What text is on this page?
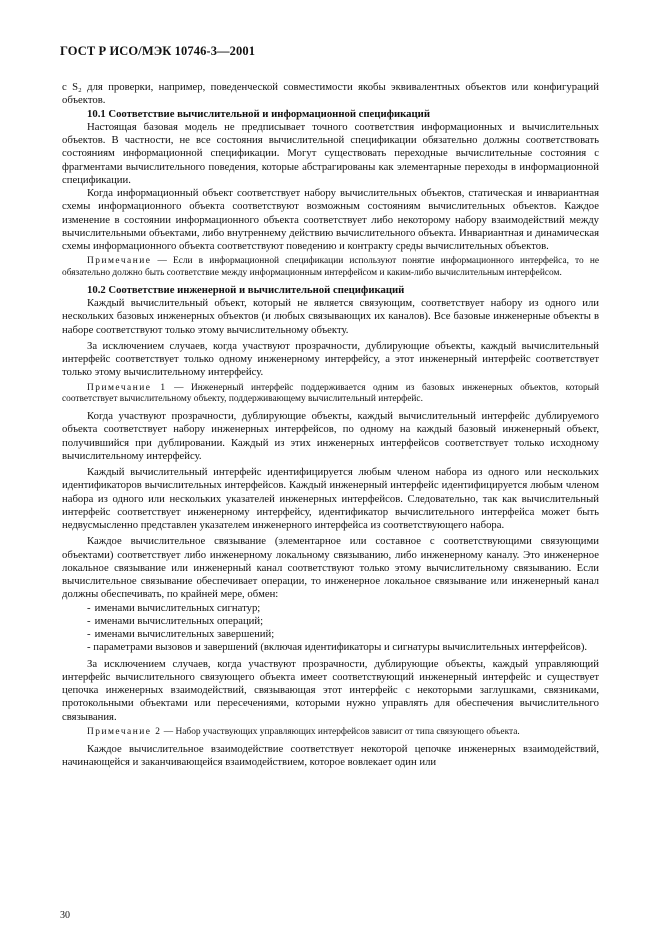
ГОСТ Р ИСО/МЭК 10746-3—2001

с S₂ для проверки, например, поведенческой совместимости якобы эквивалентных объектов или конфигураций объектов.

10.1 Соответствие вычислительной и информационной спецификаций

Настоящая базовая модель не предписывает точного соответствия информационных и вычислительных объектов. В частности, не все состояния вычислительной спецификации обязательно должны соответствовать состояниям информационной спецификации. Могут существовать переходные вычислительные состояния с фрагментами вычислительного поведения, которые абстрагированы как элементарные переходы в информационной спецификации.

Когда информационный объект соответствует набору вычислительных объектов, статическая и инвариантная схемы информационного объекта соответствуют возможным состояниям вычислительных объектов. Каждое изменение в состоянии информационного объекта соответствует либо некоторому набору взаимодействий между вычислительными объектами, либо внутреннему действию вычислительного объекта. Инвариантная и динамическая схемы информационного объекта соответствуют поведению и контракту среды вычислительных объектов.

Примечание — Если в информационной спецификации используют понятие информационного интерфейса, то не обязательно должно быть соответствие между информационным интерфейсом и каким-либо вычислительным интерфейсом.
10.2 Соответствие инженерной и вычислительной спецификаций

Каждый вычислительный объект, который не является связующим, соответствует набору из одного или нескольких базовых инженерных объектов (и любых связывающих их каналов). Все базовые инженерные объекты в наборе соответствуют только этому вычислительному объекту.

За исключением случаев, когда участвуют прозрачности, дублирующие объекты, каждый вычислительный интерфейс соответствует только одному инженерному интерфейсу, а этот инженерный интерфейс соответствует только этому вычислительному интерфейсу.

Примечание 1 — Инженерный интерфейс поддерживается одним из базовых инженерных объектов, который соответствует вычислительному объекту, поддерживающему вычислительный интерфейс.

Когда участвуют прозрачности, дублирующие объекты, каждый вычислительный интерфейс дублируемого объекта соответствует набору инженерных интерфейсов, по одному на каждый базовый инженерный объект, получившийся при дублировании. Каждый из этих инженерных интерфейсов соответствует только исходному вычислительному интерфейсу.

Каждый вычислительный интерфейс идентифицируется любым членом набора из одного или нескольких идентификаторов вычислительных интерфейсов. Каждый инженерный интерфейс идентифицируется любым членом набора из одного или нескольких указателей инженерных интерфейсов. Следовательно, так как вычислительный интерфейс соответствует инженерному интерфейсу, идентификатор вычислительного интерфейса может быть недвусмысленно представлен указателем инженерного интерфейса из соответствующего набора.

Каждое вычислительное связывание (элементарное или составное с соответствующими связующими объектами) соответствует либо инженерному локальному связыванию, либо инженерному каналу. Это инженерное локальное связывание или инженерный канал соответствуют только этому вычислительному связыванию. Если вычислительное связывание обеспечивает операции, то инженерное локальное связывание или инженерный канал должны обеспечивать, по крайней мере, обмен:

- именами вычислительных сигнатур;
- именами вычислительных операций;
- именами вычислительных завершений;

- параметрами вызовов и завершений (включая идентификаторы и сигнатуры вычислительных интерфейсов).

За исключением случаев, когда участвуют прозрачности, дублирующие объекты, каждый управляющий интерфейс вычислительного связующего объекта имеет соответствующий инженерный интерфейс и существует цепочка инженерных взаимодействий, связывающая этот интерфейс с некоторыми заглушками, связниками, протокольными объектами или пересечениями, которыми нужно управлять для обеспечения вычислительного связывания.

Примечание 2 — Набор участвующих управляющих интерфейсов зависит от типа связующего объекта.

Каждое вычислительное взаимодействие соответствует некоторой цепочке инженерных взаимодействий, начинающейся и заканчивающейся взаимодействием, которое вовлекает один или

30
